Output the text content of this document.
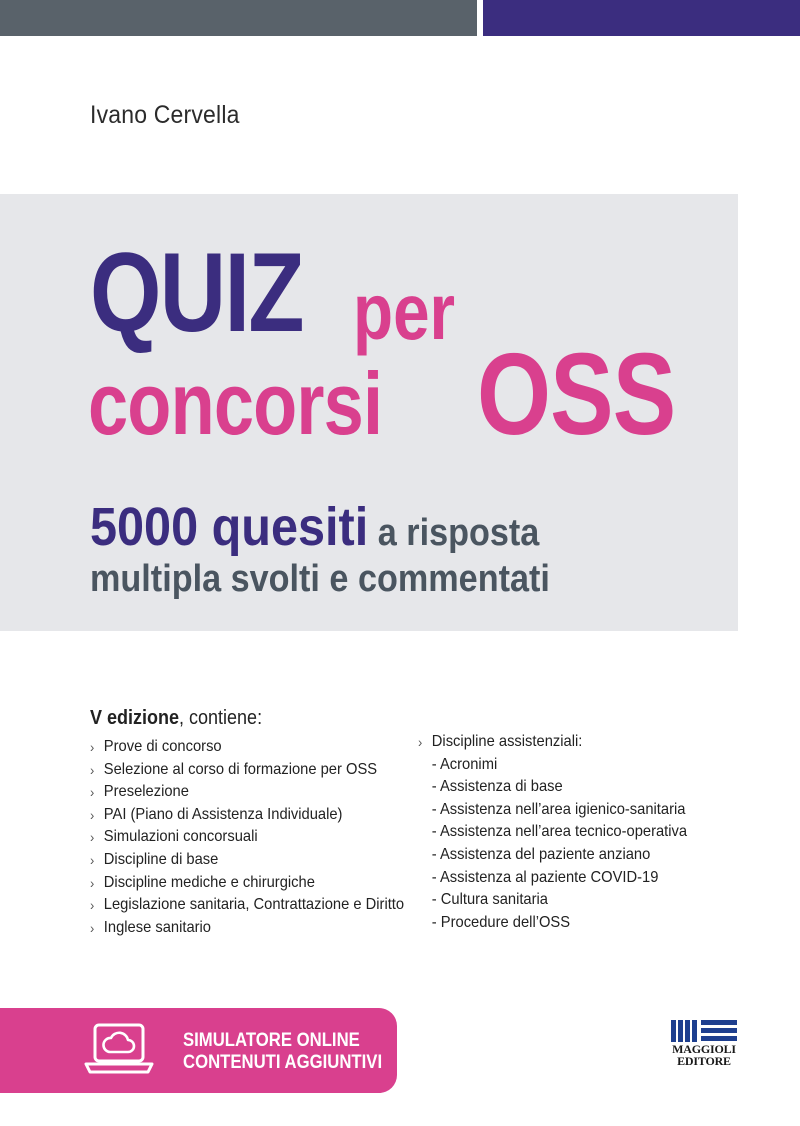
Ivano Cervella
QUIZ per
concorsi OSS
5000 quesiti a risposta
multipla svolti e commentati
V edizione, contiene:
› Prove di concorso
› Selezione al corso di formazione per OSS
› Preselezione
› PAI (Piano di Assistenza Individuale)
› Simulazioni concorsuali
› Discipline di base
› Discipline mediche e chirurgiche
› Legislazione sanitaria, Contrattazione e Diritto
› Inglese sanitario
› Discipline assistenziali:
- Acronimi
- Assistenza di base
- Assistenza nell’area igienico-sanitaria
- Assistenza nell’area tecnico-operativa
- Assistenza del paziente anziano
- Assistenza al paziente COVID-19
- Cultura sanitaria
- Procedure dell’OSS
SIMULATORE ONLINE
CONTENUTI AGGIUNTIVI
MAGGIOLI
EDITORE
